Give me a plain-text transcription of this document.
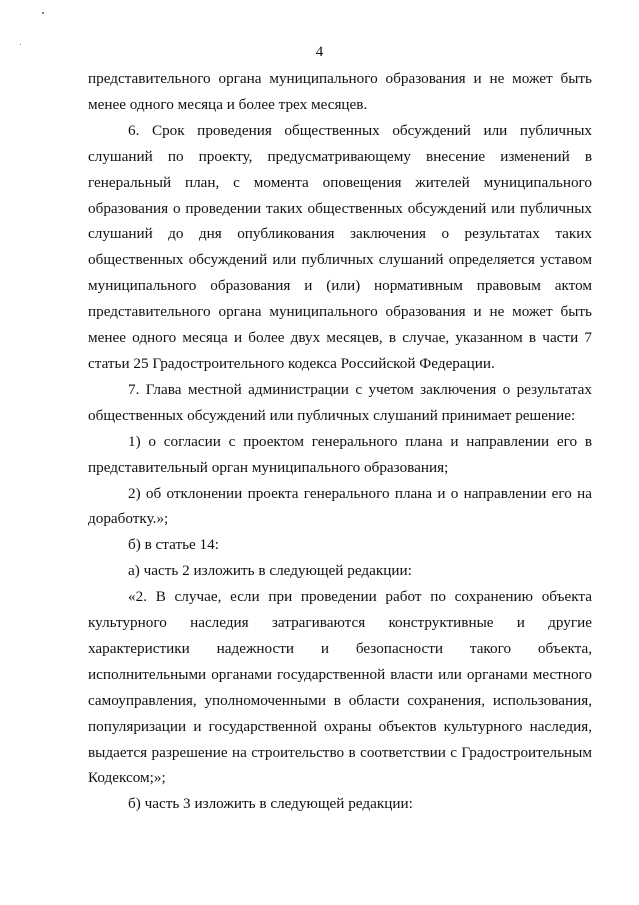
4

представительного органа муниципального образования и не может быть менее одного месяца и более трех месяцев.

6. Срок проведения общественных обсуждений или публичных слушаний по проекту, предусматривающему внесение изменений в генеральный план, с момента оповещения жителей муниципального образования о проведении таких общественных обсуждений или публичных слушаний до дня опубликования заключения о результатах таких общественных обсуждений или публичных слушаний определяется уставом муниципального образования и (или) нормативным правовым актом представительного органа муниципального образования и не может быть менее одного месяца и более двух месяцев, в случае, указанном в части 7 статьи 25 Градостроительного кодекса Российской Федерации.

7. Глава местной администрации с учетом заключения о результатах общественных обсуждений или публичных слушаний принимает решение:

1) о согласии с проектом генерального плана и направлении его в представительный орган муниципального образования;

2) об отклонении проекта генерального плана и о направлении его на доработку.»;

б) в статье 14:

а) часть 2 изложить в следующей редакции:

«2. В случае, если при проведении работ по сохранению объекта культурного наследия затрагиваются конструктивные и другие характеристики надежности и безопасности такого объекта, исполнительными органами государственной власти или органами местного самоуправления, уполномоченными в области сохранения, использования, популяризации и государственной охраны объектов культурного наследия, выдается разрешение на строительство в соответствии с Градостроительным Кодексом;»;

б) часть 3 изложить в следующей редакции:
